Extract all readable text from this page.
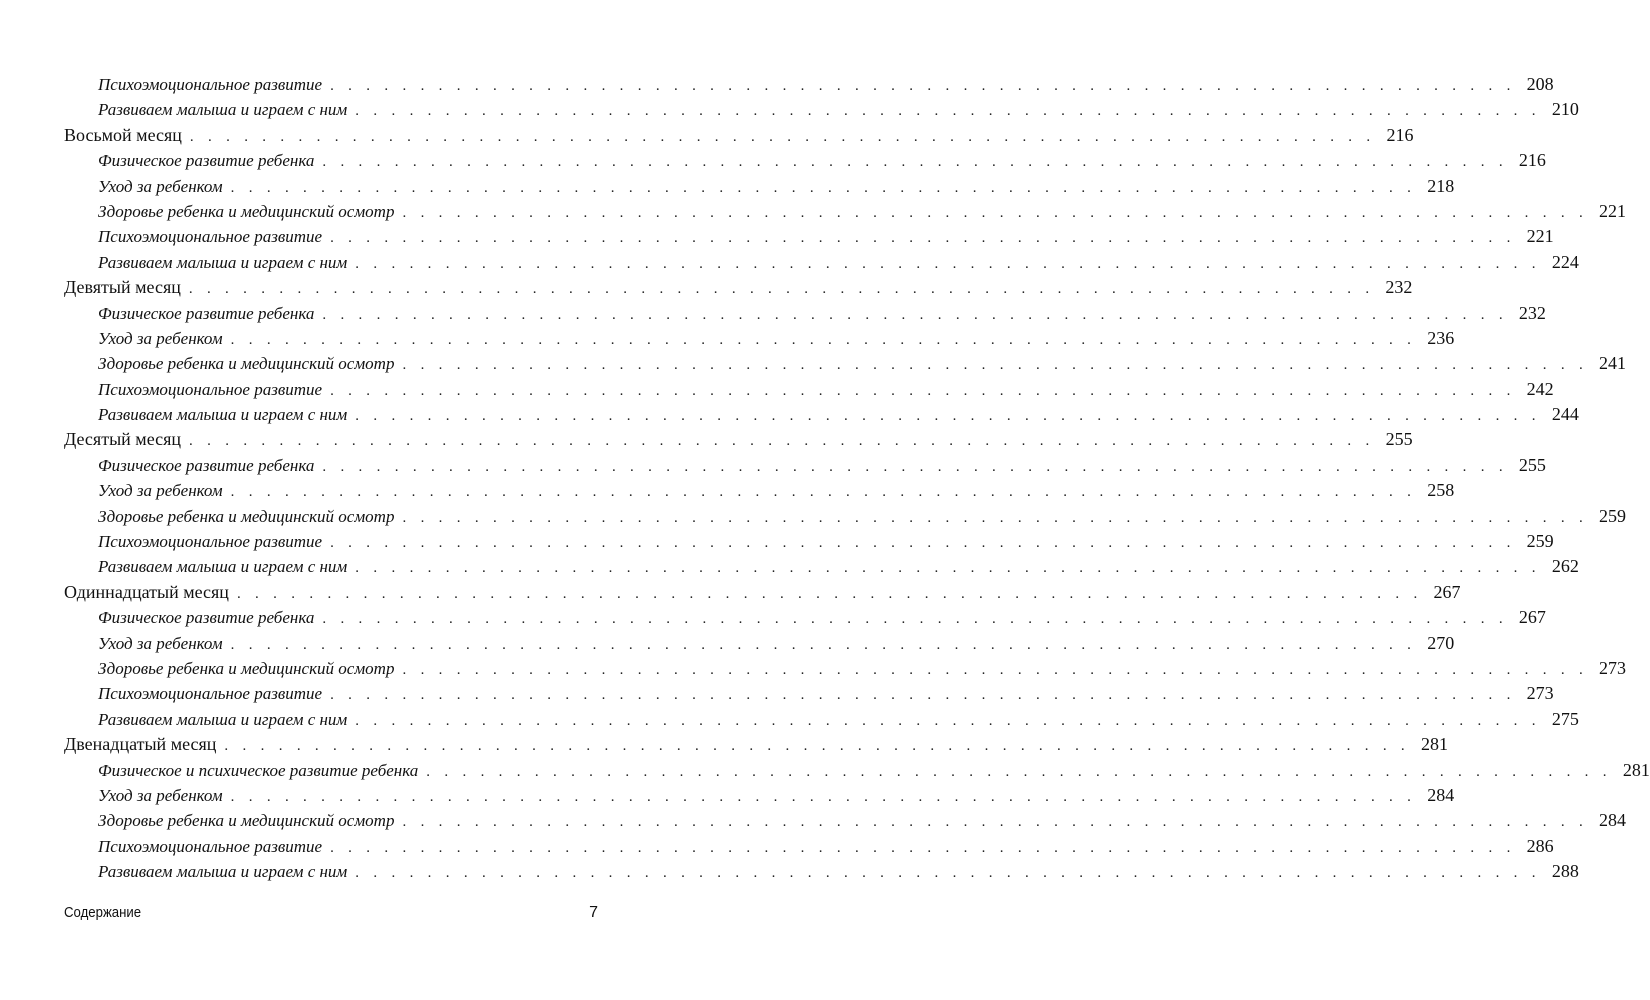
Психоэмоциональное развитие . . . . . . . . . . . . . . . . . . . . . . . . . . . . . . . . . . . . . . . . . . . . . . . . . . . . . . . . . . . . . . . . . . 208
Развиваем малыша и играем с ним . . . . . . . . . . . . . . . . . . . . . . . . . . . . . . . . . . . . . . . . . . . . . . . . . . . . . . . . . . . . . . . . . . 210
Восьмой месяц . . . . . . . . . . . . . . . . . . . . . . . . . . . . . . . . . . . . . . . . . . . . . . . . . . . . . . . . . . . . . . . . . . 216
Физическое развитие ребенка . . . . . . . . . . . . . . . . . . . . . . . . . . . . . . . . . . . . . . . . . . . . . . . . . . . . . . . . . . . . . . . . . . 216
Уход за ребенком . . . . . . . . . . . . . . . . . . . . . . . . . . . . . . . . . . . . . . . . . . . . . . . . . . . . . . . . . . . . . . . . . . 218
Здоровье ребенка и медицинский осмотр . . . . . . . . . . . . . . . . . . . . . . . . . . . . . . . . . . . . . . . . . . . . . . . . . . . . . . . . . . . . . . . . . . 221
Психоэмоциональное развитие . . . . . . . . . . . . . . . . . . . . . . . . . . . . . . . . . . . . . . . . . . . . . . . . . . . . . . . . . . . . . . . . . . 221
Развиваем малыша и играем с ним . . . . . . . . . . . . . . . . . . . . . . . . . . . . . . . . . . . . . . . . . . . . . . . . . . . . . . . . . . . . . . . . . . 224
Девятый месяц . . . . . . . . . . . . . . . . . . . . . . . . . . . . . . . . . . . . . . . . . . . . . . . . . . . . . . . . . . . . . . . . . . 232
Физическое развитие ребенка . . . . . . . . . . . . . . . . . . . . . . . . . . . . . . . . . . . . . . . . . . . . . . . . . . . . . . . . . . . . . . . . . . 232
Уход за ребенком . . . . . . . . . . . . . . . . . . . . . . . . . . . . . . . . . . . . . . . . . . . . . . . . . . . . . . . . . . . . . . . . . . 236
Здоровье ребенка и медицинский осмотр . . . . . . . . . . . . . . . . . . . . . . . . . . . . . . . . . . . . . . . . . . . . . . . . . . . . . . . . . . . . . . . . . . 241
Психоэмоциональное развитие . . . . . . . . . . . . . . . . . . . . . . . . . . . . . . . . . . . . . . . . . . . . . . . . . . . . . . . . . . . . . . . . . . 242
Развиваем малыша и играем с ним . . . . . . . . . . . . . . . . . . . . . . . . . . . . . . . . . . . . . . . . . . . . . . . . . . . . . . . . . . . . . . . . . . 244
Десятый месяц . . . . . . . . . . . . . . . . . . . . . . . . . . . . . . . . . . . . . . . . . . . . . . . . . . . . . . . . . . . . . . . . . . 255
Физическое развитие ребенка . . . . . . . . . . . . . . . . . . . . . . . . . . . . . . . . . . . . . . . . . . . . . . . . . . . . . . . . . . . . . . . . . . 255
Уход за ребенком . . . . . . . . . . . . . . . . . . . . . . . . . . . . . . . . . . . . . . . . . . . . . . . . . . . . . . . . . . . . . . . . . . 258
Здоровье ребенка и медицинский осмотр . . . . . . . . . . . . . . . . . . . . . . . . . . . . . . . . . . . . . . . . . . . . . . . . . . . . . . . . . . . . . . . . . . 259
Психоэмоциональное развитие . . . . . . . . . . . . . . . . . . . . . . . . . . . . . . . . . . . . . . . . . . . . . . . . . . . . . . . . . . . . . . . . . . 259
Развиваем малыша и играем с ним . . . . . . . . . . . . . . . . . . . . . . . . . . . . . . . . . . . . . . . . . . . . . . . . . . . . . . . . . . . . . . . . . . 262
Одиннадцатый месяц . . . . . . . . . . . . . . . . . . . . . . . . . . . . . . . . . . . . . . . . . . . . . . . . . . . . . . . . . . . . . . . . . . 267
Физическое развитие ребенка . . . . . . . . . . . . . . . . . . . . . . . . . . . . . . . . . . . . . . . . . . . . . . . . . . . . . . . . . . . . . . . . . . 267
Уход за ребенком . . . . . . . . . . . . . . . . . . . . . . . . . . . . . . . . . . . . . . . . . . . . . . . . . . . . . . . . . . . . . . . . . . 270
Здоровье ребенка и медицинский осмотр . . . . . . . . . . . . . . . . . . . . . . . . . . . . . . . . . . . . . . . . . . . . . . . . . . . . . . . . . . . . . . . . . . 273
Психоэмоциональное развитие . . . . . . . . . . . . . . . . . . . . . . . . . . . . . . . . . . . . . . . . . . . . . . . . . . . . . . . . . . . . . . . . . . 273
Развиваем малыша и играем с ним . . . . . . . . . . . . . . . . . . . . . . . . . . . . . . . . . . . . . . . . . . . . . . . . . . . . . . . . . . . . . . . . . . 275
Двенадцатый месяц . . . . . . . . . . . . . . . . . . . . . . . . . . . . . . . . . . . . . . . . . . . . . . . . . . . . . . . . . . . . . . . . . . 281
Физическое и психическое развитие ребенка . . . . . . . . . . . . . . . . . . . . . . . . . . . . . . . . . . . . . . . . . . . . . . . . . . . . . . . . . . . . . . . . . . 281
Уход за ребенком . . . . . . . . . . . . . . . . . . . . . . . . . . . . . . . . . . . . . . . . . . . . . . . . . . . . . . . . . . . . . . . . . . 284
Здоровье ребенка и медицинский осмотр . . . . . . . . . . . . . . . . . . . . . . . . . . . . . . . . . . . . . . . . . . . . . . . . . . . . . . . . . . . . . . . . . . 284
Психоэмоциональное развитие . . . . . . . . . . . . . . . . . . . . . . . . . . . . . . . . . . . . . . . . . . . . . . . . . . . . . . . . . . . . . . . . . . 286
Развиваем малыша и играем с ним . . . . . . . . . . . . . . . . . . . . . . . . . . . . . . . . . . . . . . . . . . . . . . . . . . . . . . . . . . . . . . . . . . 288
Содержание	7
